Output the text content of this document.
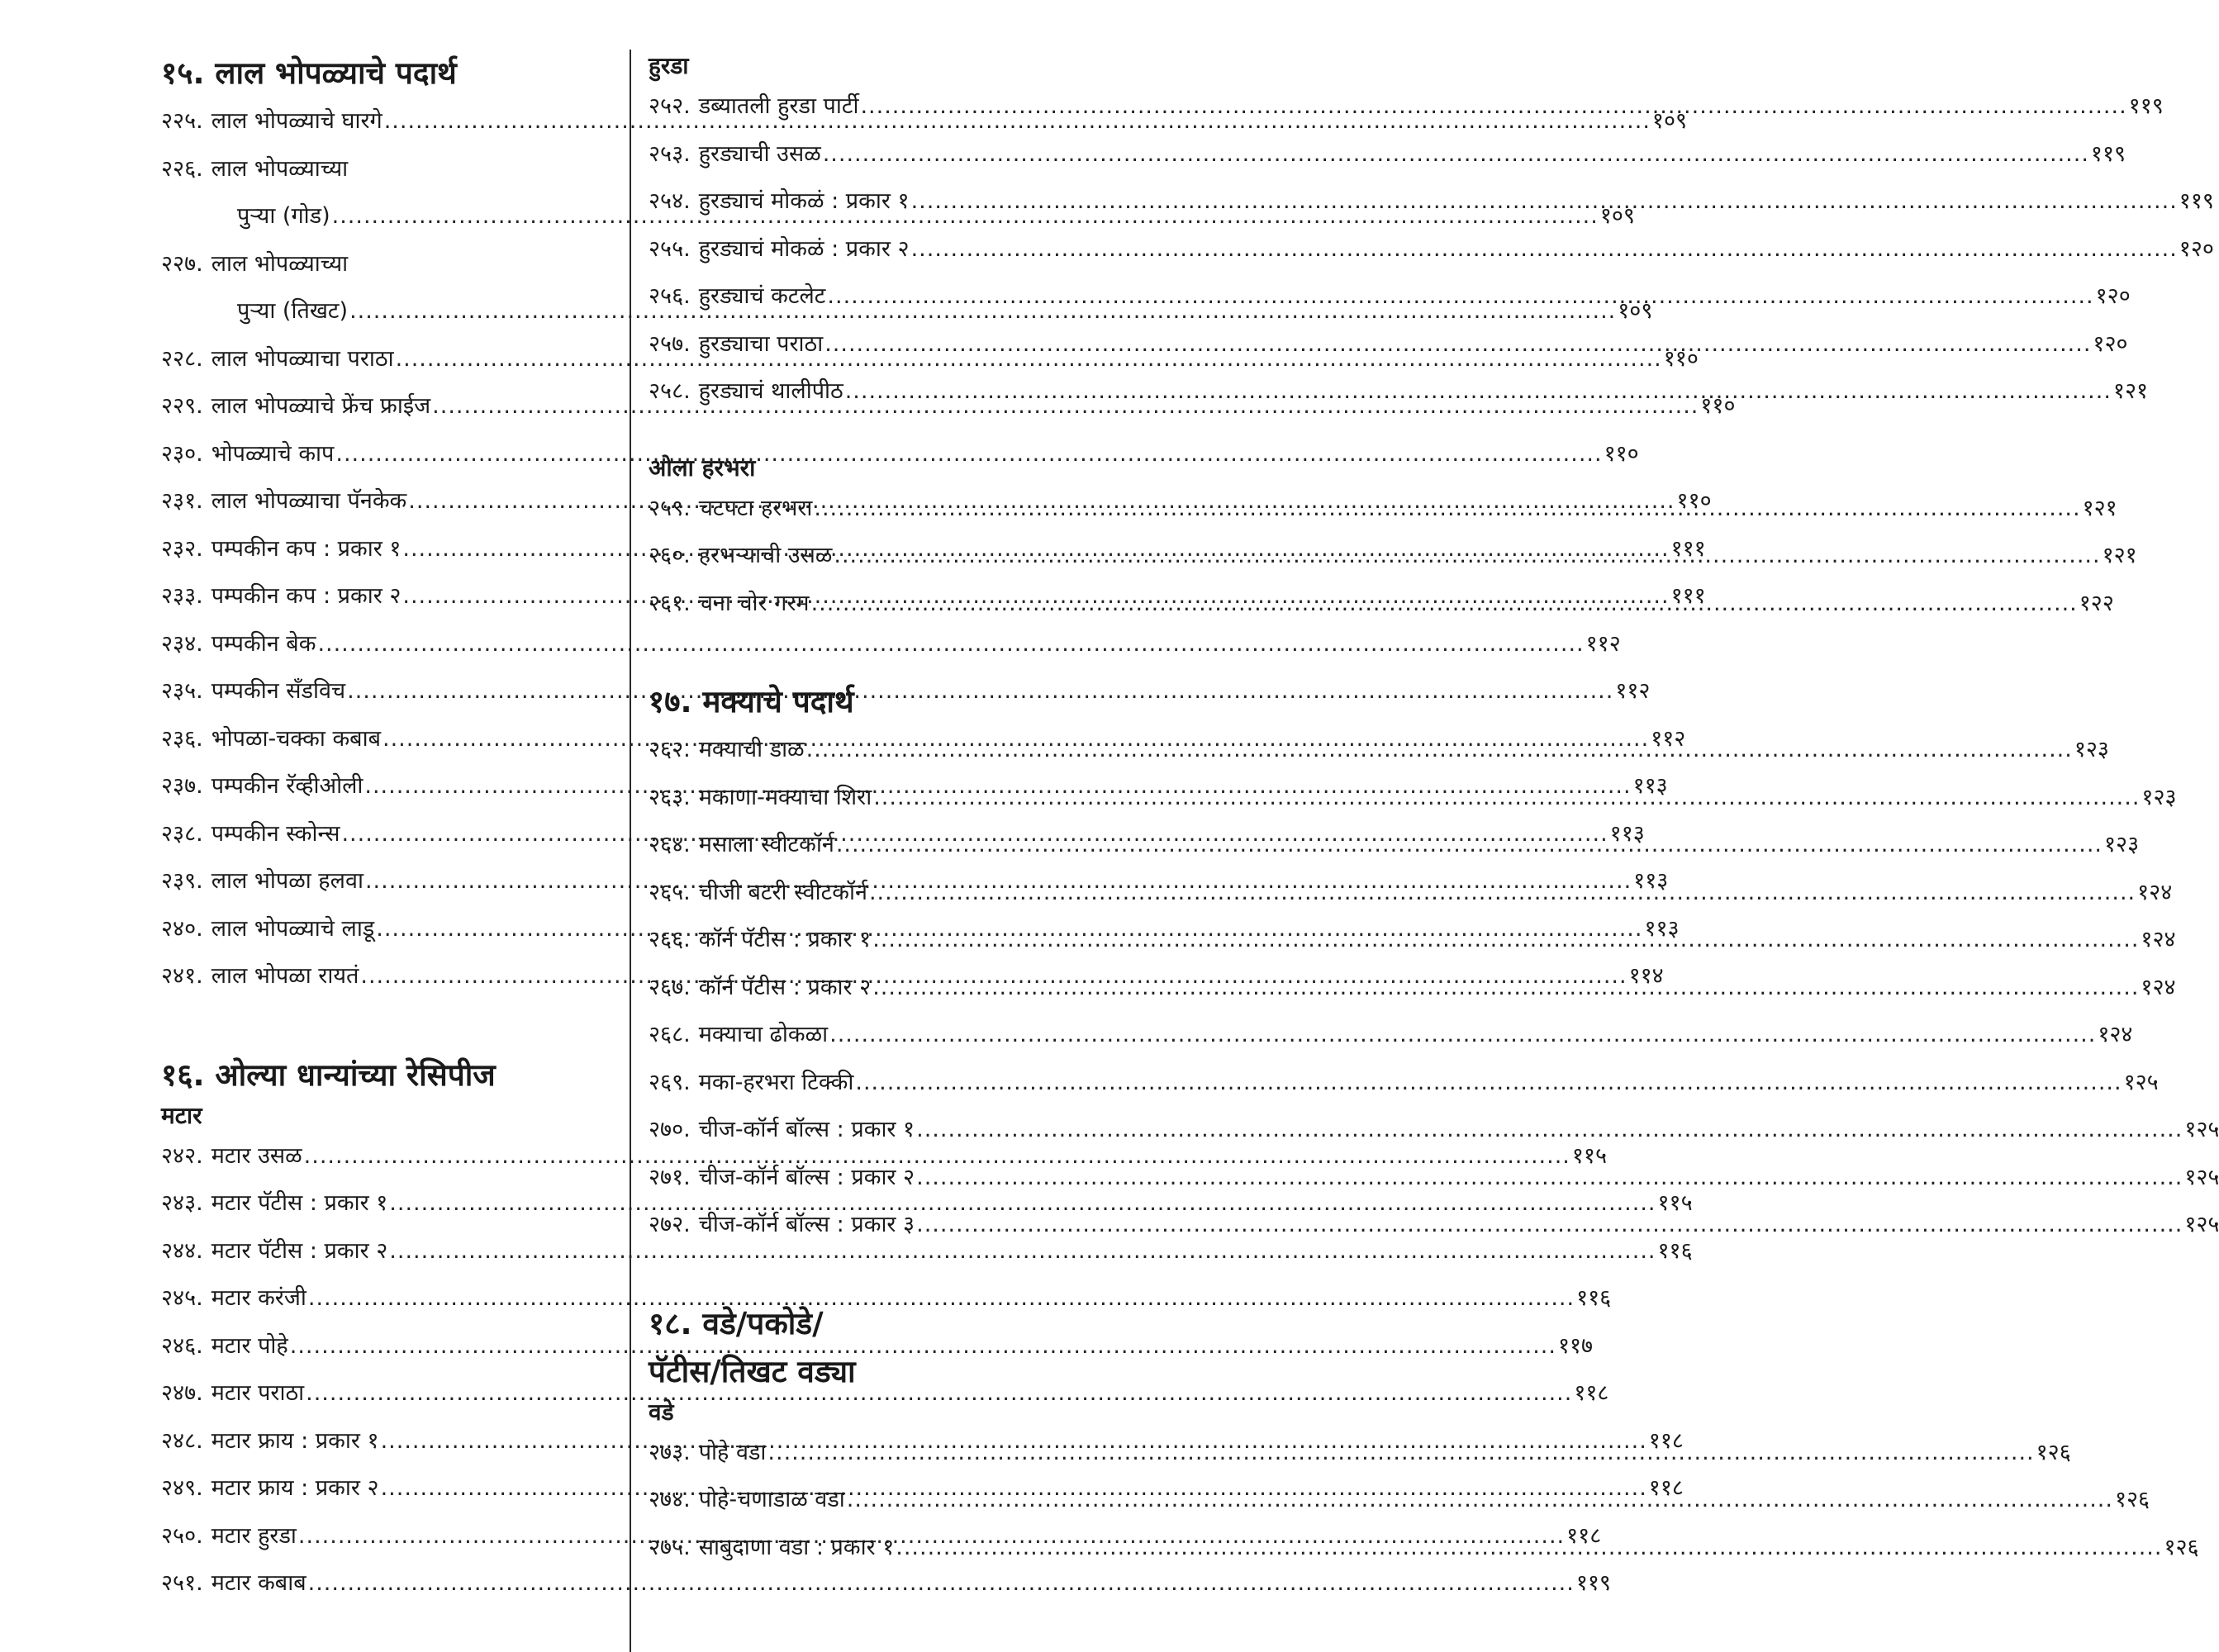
१५. लाल भोपळ्याचे पदार्थ
२२५. लाल भोपळ्याचे घारगे .....	१०९
२२६. लाल भोपळ्याच्या
पुऱ्या (गोड) .....	१०९
२२७. लाल भोपळ्याच्या
पुऱ्या (तिखट) .....	१०९
२२८. लाल भोपळ्याचा पराठा .....	११०
२२९. लाल भोपळ्याचे फ्रेंच फ्राईज .....	११०
२३०. भोपळ्याचे काप .....	११०
२३१. लाल भोपळ्याचा पॅनकेक .....	११०
२३२. पम्पकीन कप : प्रकार १ .....	१११
२३३. पम्पकीन कप : प्रकार २ .....	१११
२३४. पम्पकीन बेक .....	११२
२३५. पम्पकीन सँडविच .....	११२
२३६. भोपळा-चक्का कबाब .....	११२
२३७. पम्पकीन रॅव्हीओली .....	११३
२३८. पम्पकीन स्कोन्स .....	११३
२३९. लाल भोपळा हलवा .....	११३
२४०. लाल भोपळ्याचे लाडू .....	११३
२४१. लाल भोपळा रायतं .....	११४
१६. ओल्या धान्यांच्या रेसिपीज
मटार
२४२. मटार उसळ .....	११५
२४३. मटार पॅटीस : प्रकार १ .....	११५
२४४. मटार पॅटीस : प्रकार २ .....	११६
२४५. मटार करंजी .....	११६
२४६. मटार पोहे .....	११७
२४७. मटार पराठा .....	११८
२४८. मटार फ्राय : प्रकार १ .....	११८
२४९. मटार फ्राय : प्रकार २ .....	११८
२५०. मटार हुरडा .....	११८
२५१. मटार कबाब .....	११९
हुरडा
२५२. डब्यातली हुरडा पार्टी .....	११९
२५३. हुरड्याची उसळ .....	११९
२५४. हुरड्याचं मोकळं : प्रकार १ .....	११९
२५५. हुरड्याचं मोकळं : प्रकार २ .....	१२०
२५६. हुरड्याचं कटलेट .....	१२०
२५७. हुरड्याचा पराठा .....	१२०
२५८. हुरड्याचं थालीपीठ .....	१२१
ओला हरभरा
२५९. चटपटा हरभरा .....	१२१
२६०. हरभऱ्याची उसळ .....	१२१
२६१. चना चोर गरम .....	१२२
१७. मक्याचे पदार्थ
२६२. मक्याची डाळ .....	१२३
२६३. मकाणा-मक्याचा शिरा .....	१२३
२६४. मसाला स्वीटकॉर्न .....	१२३
२६५. चीजी बटरी स्वीटकॉर्न .....	१२४
२६६. कॉर्न पॅटीस : प्रकार १ .....	१२४
२६७. कॉर्न पॅटीस : प्रकार २ .....	१२४
२६८. मक्याचा ढोकळा .....	१२४
२६९. मका-हरभरा टिक्की .....	१२५
२७०. चीज-कॉर्न बॉल्स : प्रकार १ .....	१२५
२७१. चीज-कॉर्न बॉल्स : प्रकार २ .....	१२५
२७२. चीज-कॉर्न बॉल्स : प्रकार ३ .....	१२५
१८. वडे/पकोडे/
पॅटीस/तिखट वड्या
वडे
२७३. पोहे वडा .....	१२६
२७४. पोहे-चणाडाळ वडा .....	१२६
२७५. साबुदाणा वडा : प्रकार १ .....	१२६
